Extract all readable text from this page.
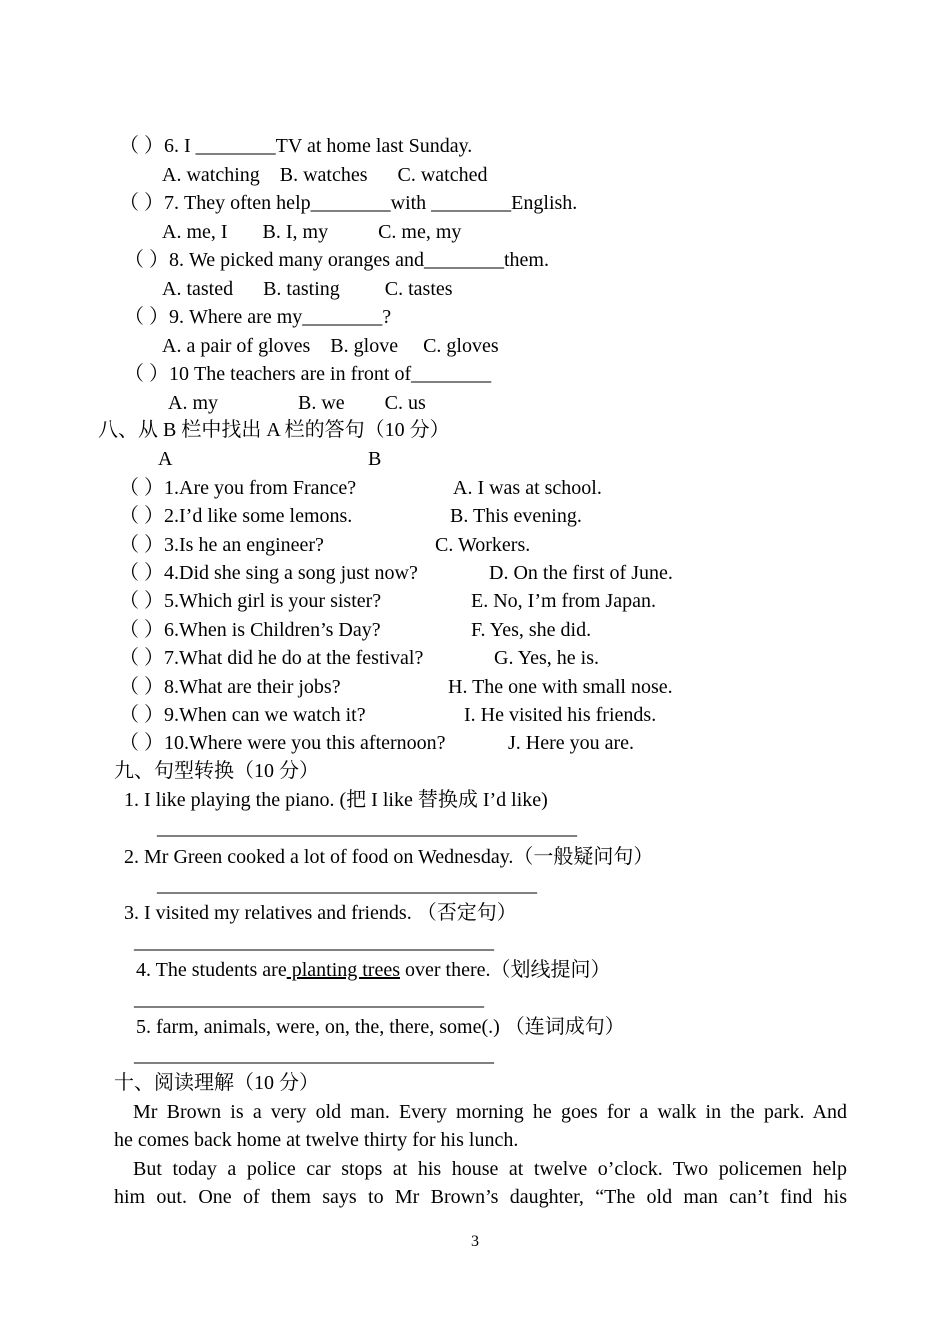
（ ）6. I ________TV at home last Sunday.
A. watching    B. watches      C. watched
（ ）7. They often help________with ________English.
A. me, I       B. I, my          C. me, my
（ ）8. We picked many oranges and________them.
A. tasted      B. tasting         C. tastes
（ ）9. Where are my________?
A. a pair of gloves    B. glove     C. gloves
（ ）10 The teachers are in front of________
A. my                B. we        C. us
八、从 B 栏中找出 A 栏的答句（10 分）
A	B
（ ）1.Are you from France?	A. I was at school.
（ ）2.I’d like some lemons.	B. This evening.
（ ）3.Is he an engineer?	C. Workers.
（ ）4.Did she sing a song just now?	D. On the first of June.
（ ）5.Which girl is your sister?	E. No, I’m from Japan.
（ ）6.When is Children’s Day?	F. Yes, she did.
（ ）7.What did he do at the festival?	G. Yes, he is.
（ ）8.What are their jobs?	H. The one with small nose.
（ ）9.When can we watch it?	I. He visited his friends.
（ ）10.Where were you this afternoon?	J. Here you are.
九、句型转换（10 分）
1. I like playing the piano. (把 I like 替换成 I’d like)
__________________________________________
2. Mr Green cooked a lot of food on Wednesday.（一般疑问句）
______________________________________
3. I visited my relatives and friends. （否定句）
____________________________________
4. The students are planting trees over there.（划线提问）
___________________________________
5. farm, animals, were, on, the, there, some(.) （连词成句）
____________________________________
十、阅读理解（10 分）
Mr Brown is a very old man. Every morning he goes for a walk in the park. And
he comes back home at twelve thirty for his lunch.
But today a police car stops at his house at twelve o’clock. Two policemen help
him out. One of them says to Mr Brown’s daughter, “The old man can’t find his
3
